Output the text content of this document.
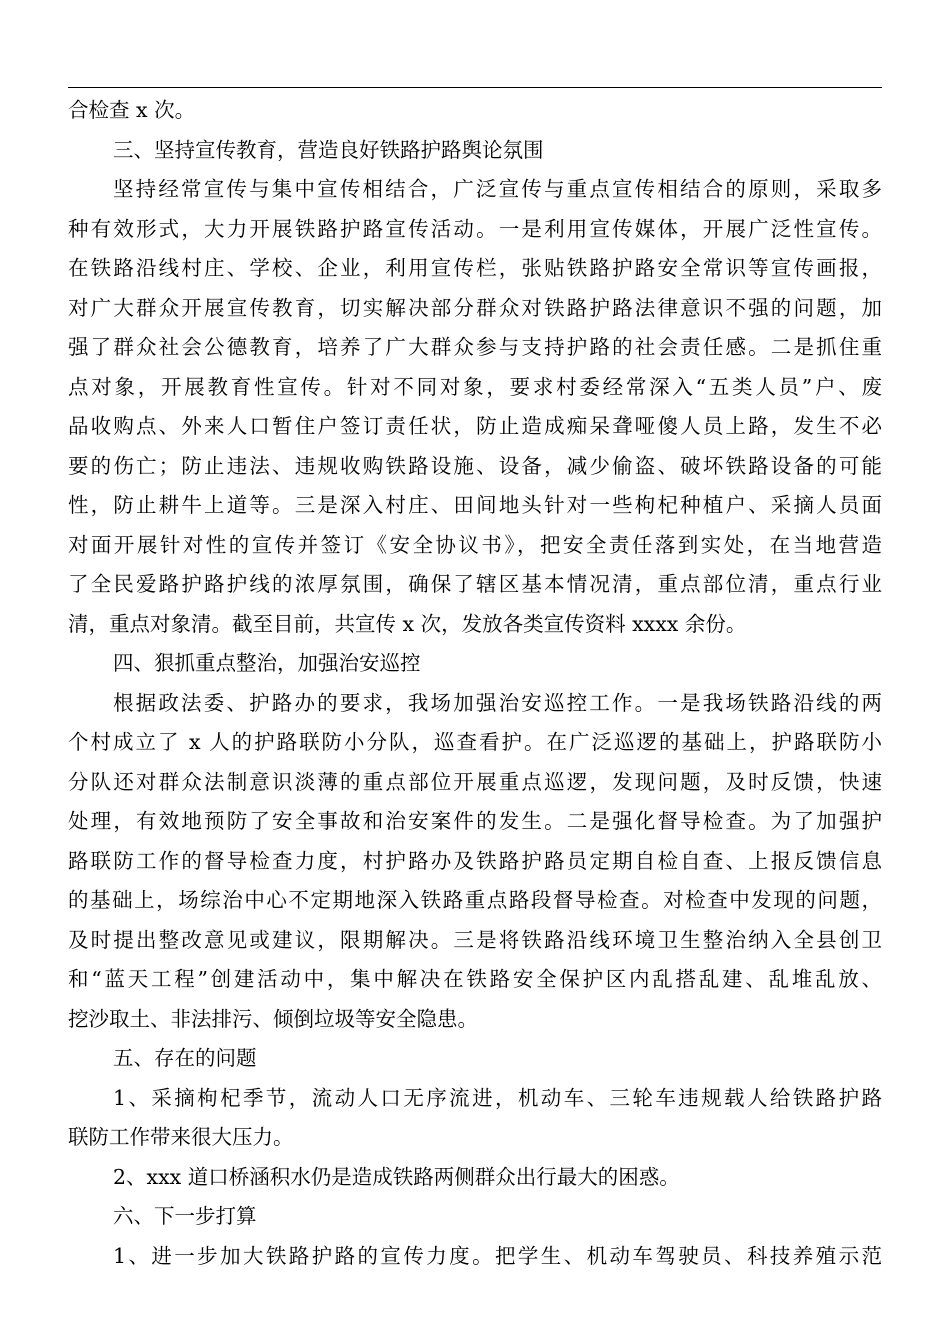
合检查 x 次。
三、坚持宣传教育，营造良好铁路护路舆论氛围
坚持经常宣传与集中宣传相结合，广泛宣传与重点宣传相结合的原则，采取多
种有效形式，大力开展铁路护路宣传活动。一是利用宣传媒体，开展广泛性宣传。
在铁路沿线村庄、学校、企业，利用宣传栏，张贴铁路护路安全常识等宣传画报，
对广大群众开展宣传教育，切实解决部分群众对铁路护路法律意识不强的问题，加
强了群众社会公德教育，培养了广大群众参与支持护路的社会责任感。二是抓住重
点对象，开展教育性宣传。针对不同对象，要求村委经常深入“五类人员”户、废
品收购点、外来人口暂住户签订责任状，防止造成痴呆聋哑傻人员上路，发生不必
要的伤亡；防止违法、违规收购铁路设施、设备，减少偷盗、破坏铁路设备的可能
性，防止耕牛上道等。三是深入村庄、田间地头针对一些枸杞种植户、采摘人员面
对面开展针对性的宣传并签订《安全协议书》，把安全责任落到实处，在当地营造
了全民爱路护路护线的浓厚氛围，确保了辖区基本情况清，重点部位清，重点行业
清，重点对象清。截至目前，共宣传 x 次，发放各类宣传资料 xxxx 余份。
四、狠抓重点整治，加强治安巡控
根据政法委、护路办的要求，我场加强治安巡控工作。一是我场铁路沿线的两
个村成立了 x 人的护路联防小分队，巡查看护。在广泛巡逻的基础上，护路联防小
分队还对群众法制意识淡薄的重点部位开展重点巡逻，发现问题，及时反馈，快速
处理，有效地预防了安全事故和治安案件的发生。二是强化督导检查。为了加强护
路联防工作的督导检查力度，村护路办及铁路护路员定期自检自查、上报反馈信息
的基础上，场综治中心不定期地深入铁路重点路段督导检查。对检查中发现的问题，
及时提出整改意见或建议，限期解决。三是将铁路沿线环境卫生整治纳入全县创卫
和“蓝天工程”创建活动中，集中解决在铁路安全保护区内乱搭乱建、乱堆乱放、
挖沙取土、非法排污、倾倒垃圾等安全隐患。
五、存在的问题
1、采摘枸杞季节，流动人口无序流进，机动车、三轮车违规载人给铁路护路
联防工作带来很大压力。
2、xxx 道口桥涵积水仍是造成铁路两侧群众出行最大的困惑。
六、下一步打算
1、进一步加大铁路护路的宣传力度。把学生、机动车驾驶员、科技养殖示范
